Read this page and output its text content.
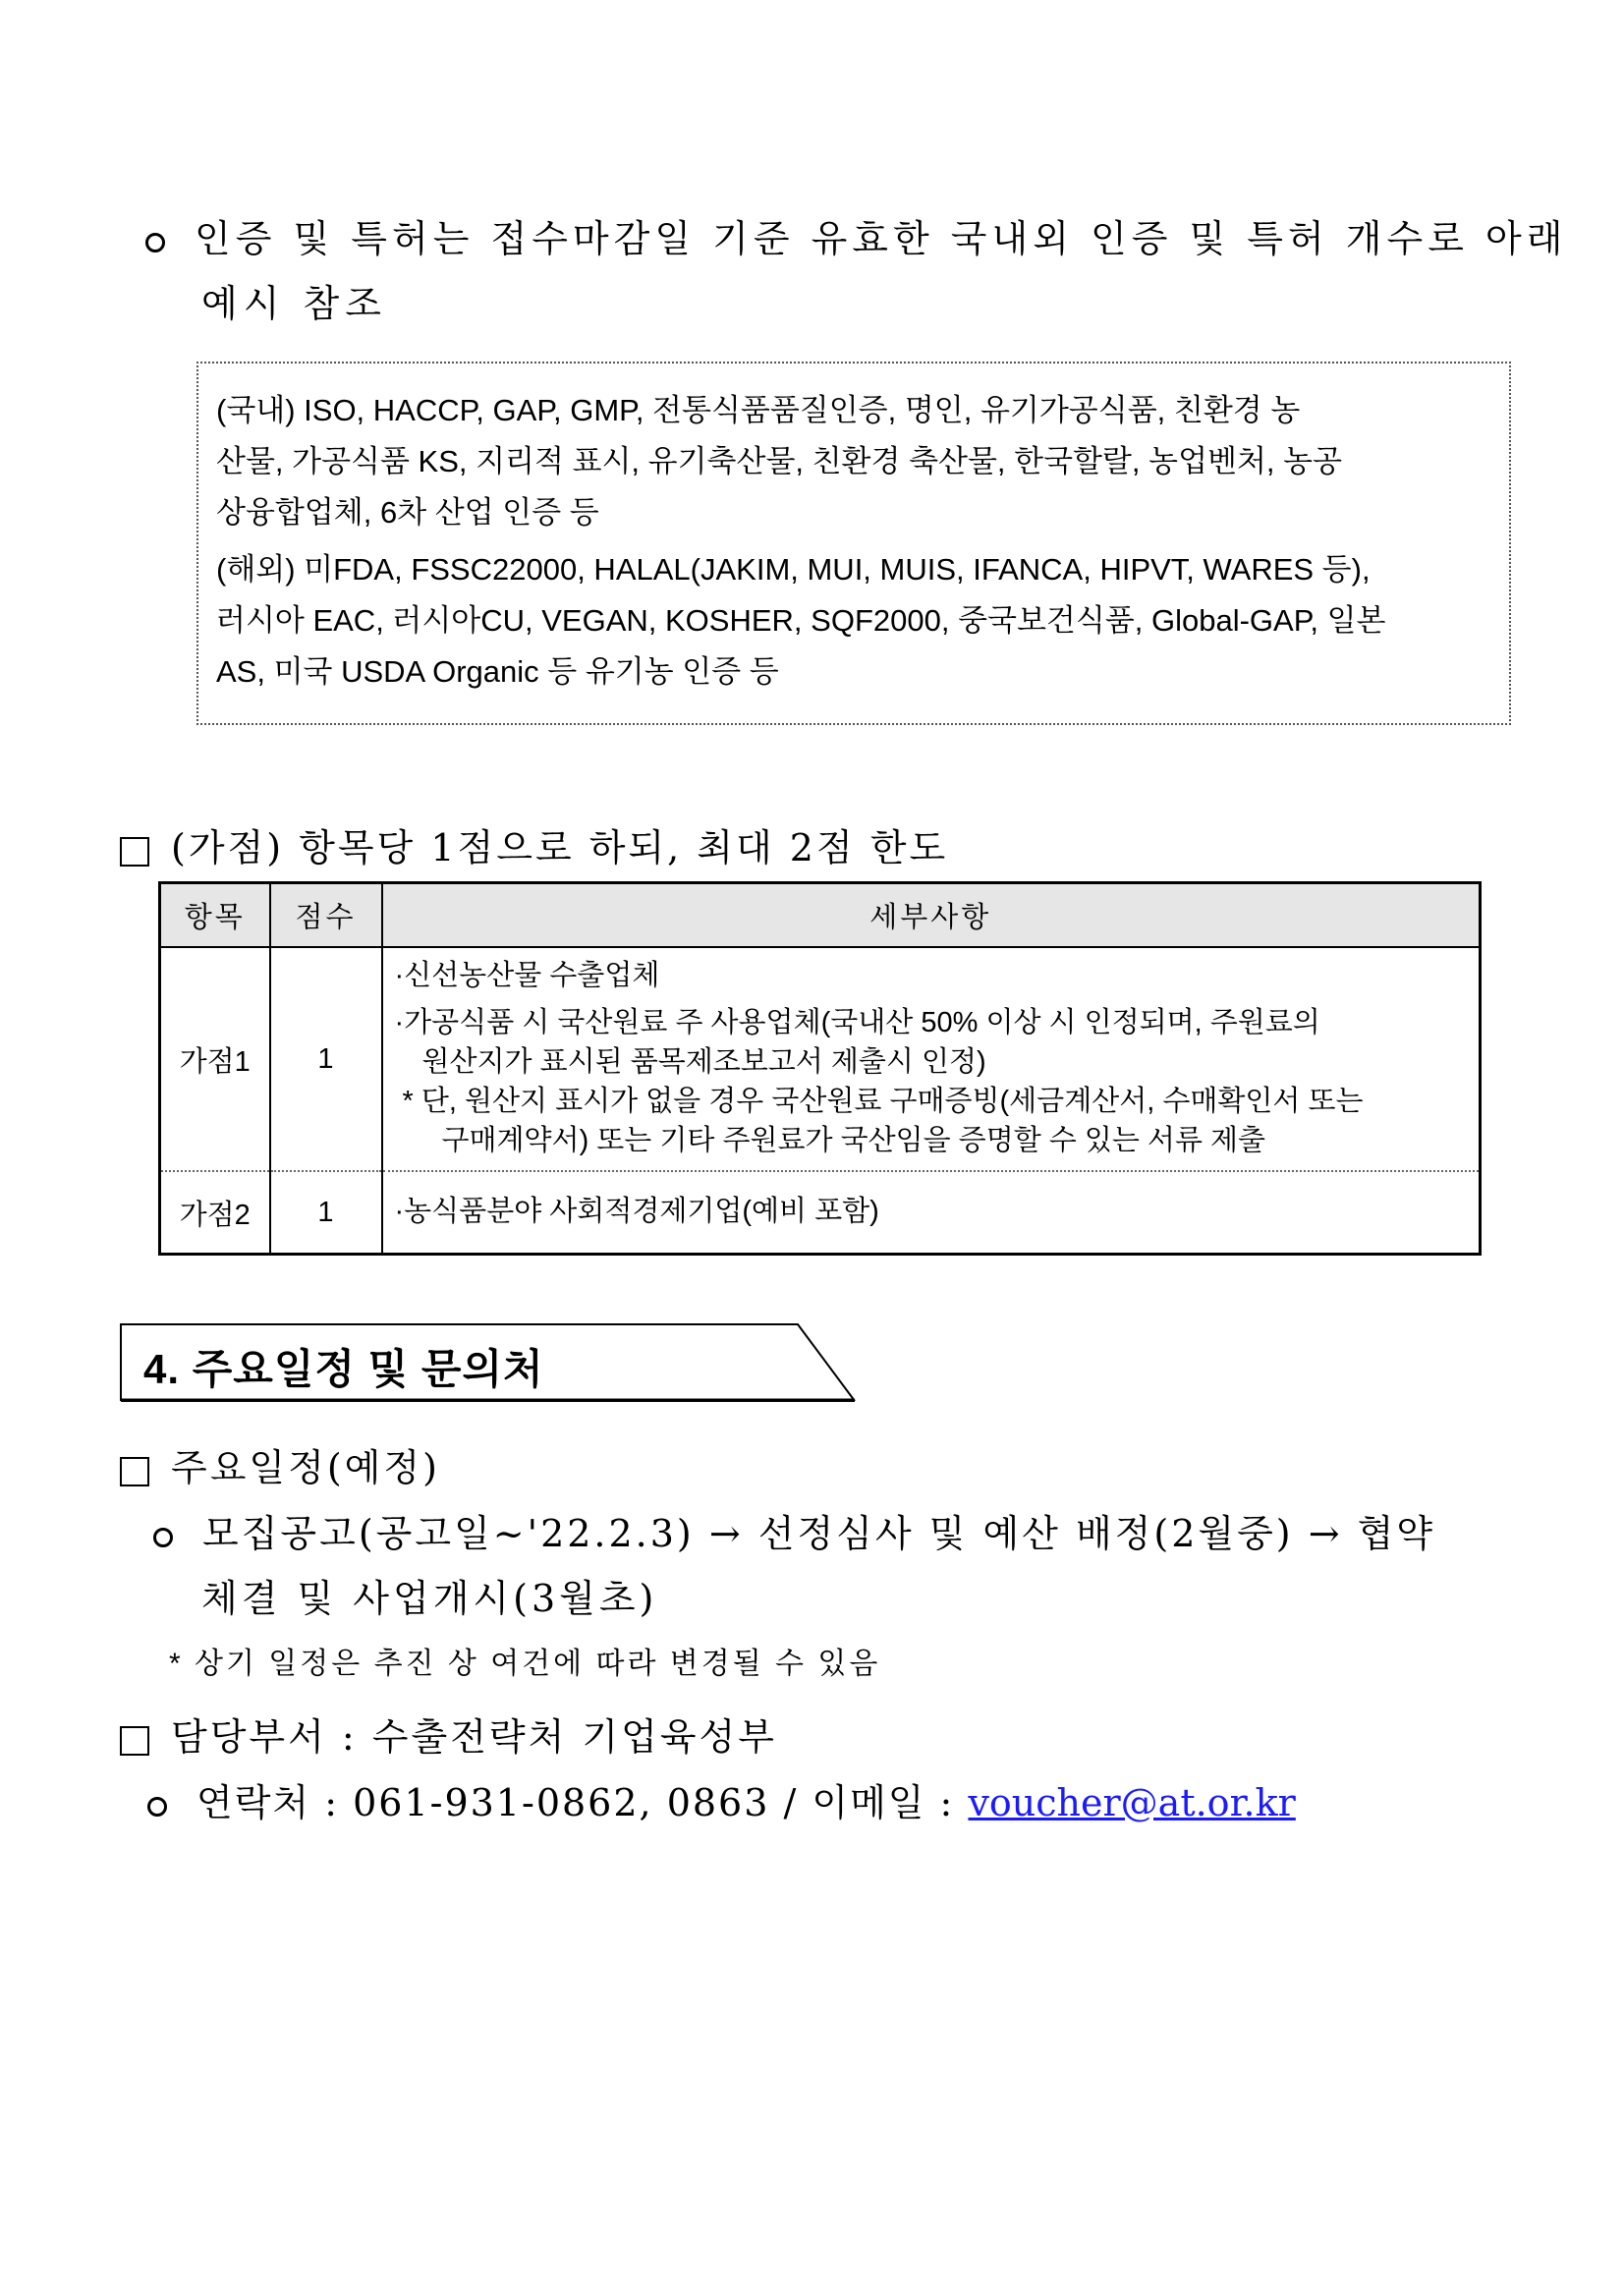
인증 및 특허는 접수마감일 기준 유효한 국내외 인증 및 특허 개수로 아래
예시 참조

(국내) ISO, HACCP, GAP, GMP, 전통식품품질인증, 명인, 유기가공식품, 친환경 농
산물, 가공식품 KS, 지리적 표시, 유기축산물, 친환경 축산물, 한국할랄, 농업벤처, 농공
상융합업체, 6차 산업 인증 등

(해외) 미FDA, FSSC22000, HALAL(JAKIM, MUI, MUIS, IFANCA, HIPVT, WARES 등),
러시아 EAC, 러시아CU, VEGAN, KOSHER, SQF2000, 중국보건식품, Global-GAP, 일본
AS, 미국 USDA Organic 등 유기농 인증 등

(가점) 항목당 1점으로 하되, 최대 2점 한도
항목	점수	세부사항
가점1	1	·신선농산물 수출업체
·가공식품 시 국산원료 주 사용업체(국내산 50% 이상 시 인정되며, 주원료의
원산지가 표시된 품목제조보고서 제출시 인정)
* 단, 원산지 표시가 없을 경우 국산원료 구매증빙(세금계산서, 수매확인서 또는
구매계약서) 또는 기타 주원료가 국산임을 증명할 수 있는 서류 제출

가점2	1	·농식품분야 사회적경제기업(예비 포함)
4. 주요일정 및 문의처
주요일정(예정)
모집공고(공고일~'22.2.3) → 선정심사 및 예산 배정(2월중) → 협약
체결 및 사업개시(3월초)
* 상기 일정은 추진 상 여건에 따라 변경될 수 있음
담당부서 : 수출전략처 기업육성부
연락처 : 061-931-0862, 0863 / 이메일 : voucher@at.or.kr
